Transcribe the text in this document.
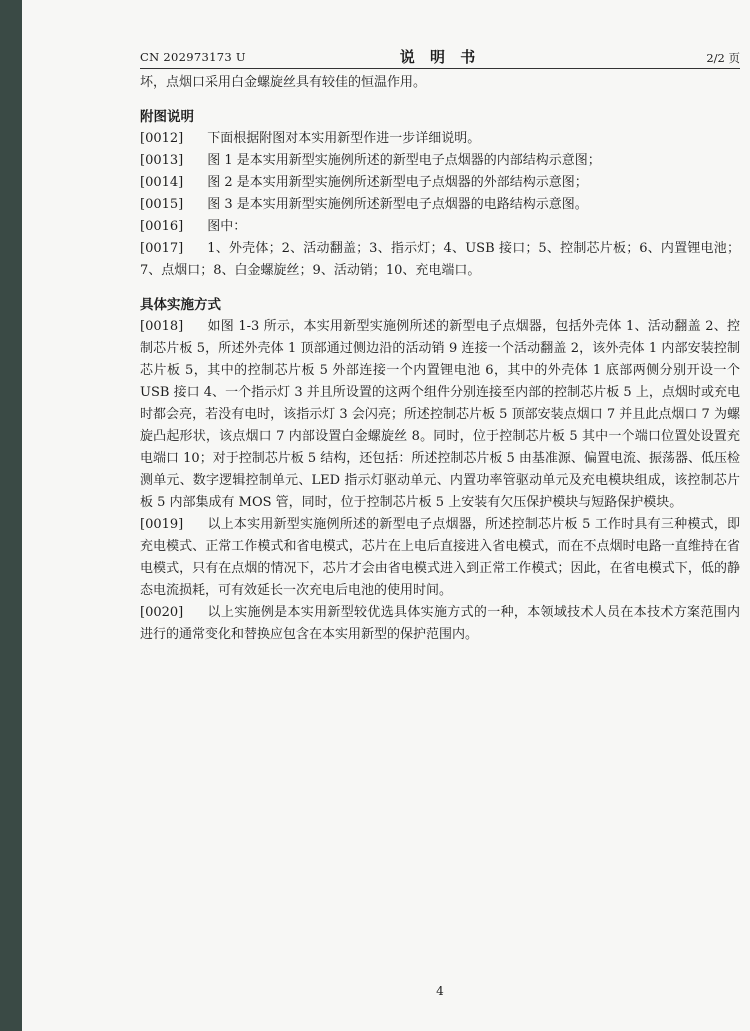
CN 202973173 U	说 明 书	2/2 页

坏，点烟口采用白金螺旋丝具有较佳的恒温作用。

附图说明

[0012] 下面根据附图对本实用新型作进一步详细说明。

[0013] 图 1 是本实用新型实施例所述的新型电子点烟器的内部结构示意图；

[0014] 图 2 是本实用新型实施例所述新型电子点烟器的外部结构示意图；

[0015] 图 3 是本实用新型实施例所述新型电子点烟器的电路结构示意图。

[0016] 图中：

[0017] 1、外壳体；2、活动翻盖；3、指示灯；4、USB 接口；5、控制芯片板；6、内置锂电池；7、点烟口；8、白金螺旋丝；9、活动销；10、充电端口。

具体实施方式

[0018] 如图 1-3 所示，本实用新型实施例所述的新型电子点烟器，包括外壳体 1、活动翻盖 2、控制芯片板 5，所述外壳体 1 顶部通过侧边沿的活动销 9 连接一个活动翻盖 2，该外壳体 1 内部安装控制芯片板 5，其中的控制芯片板 5 外部连接一个内置锂电池 6，其中的外壳体 1 底部两侧分别开设一个 USB 接口 4、一个指示灯 3 并且所设置的这两个组件分别连接至内部的控制芯片板 5 上，点烟时或充电时都会亮，若没有电时，该指示灯 3 会闪亮；所述控制芯片板 5 顶部安装点烟口 7 并且此点烟口 7 为螺旋凸起形状，该点烟口 7 内部设置白金螺旋丝 8。同时，位于控制芯片板 5 其中一个端口位置处设置充电端口 10；对于控制芯片板 5 结构，还包括：所述控制芯片板 5 由基准源、偏置电流、振荡器、低压检测单元、数字逻辑控制单元、LED 指示灯驱动单元、内置功率管驱动单元及充电模块组成，该控制芯片板 5 内部集成有 MOS 管，同时，位于控制芯片板 5 上安装有欠压保护模块与短路保护模块。

[0019] 以上本实用新型实施例所述的新型电子点烟器，所述控制芯片板 5 工作时具有三种模式，即充电模式、正常工作模式和省电模式，芯片在上电后直接进入省电模式，而在不点烟时电路一直维持在省电模式，只有在点烟的情况下，芯片才会由省电模式进入到正常工作模式；因此，在省电模式下，低的静态电流损耗，可有效延长一次充电后电池的使用时间。

[0020] 以上实施例是本实用新型较优选具体实施方式的一种，本领域技术人员在本技术方案范围内进行的通常变化和替换应包含在本实用新型的保护范围内。

4
